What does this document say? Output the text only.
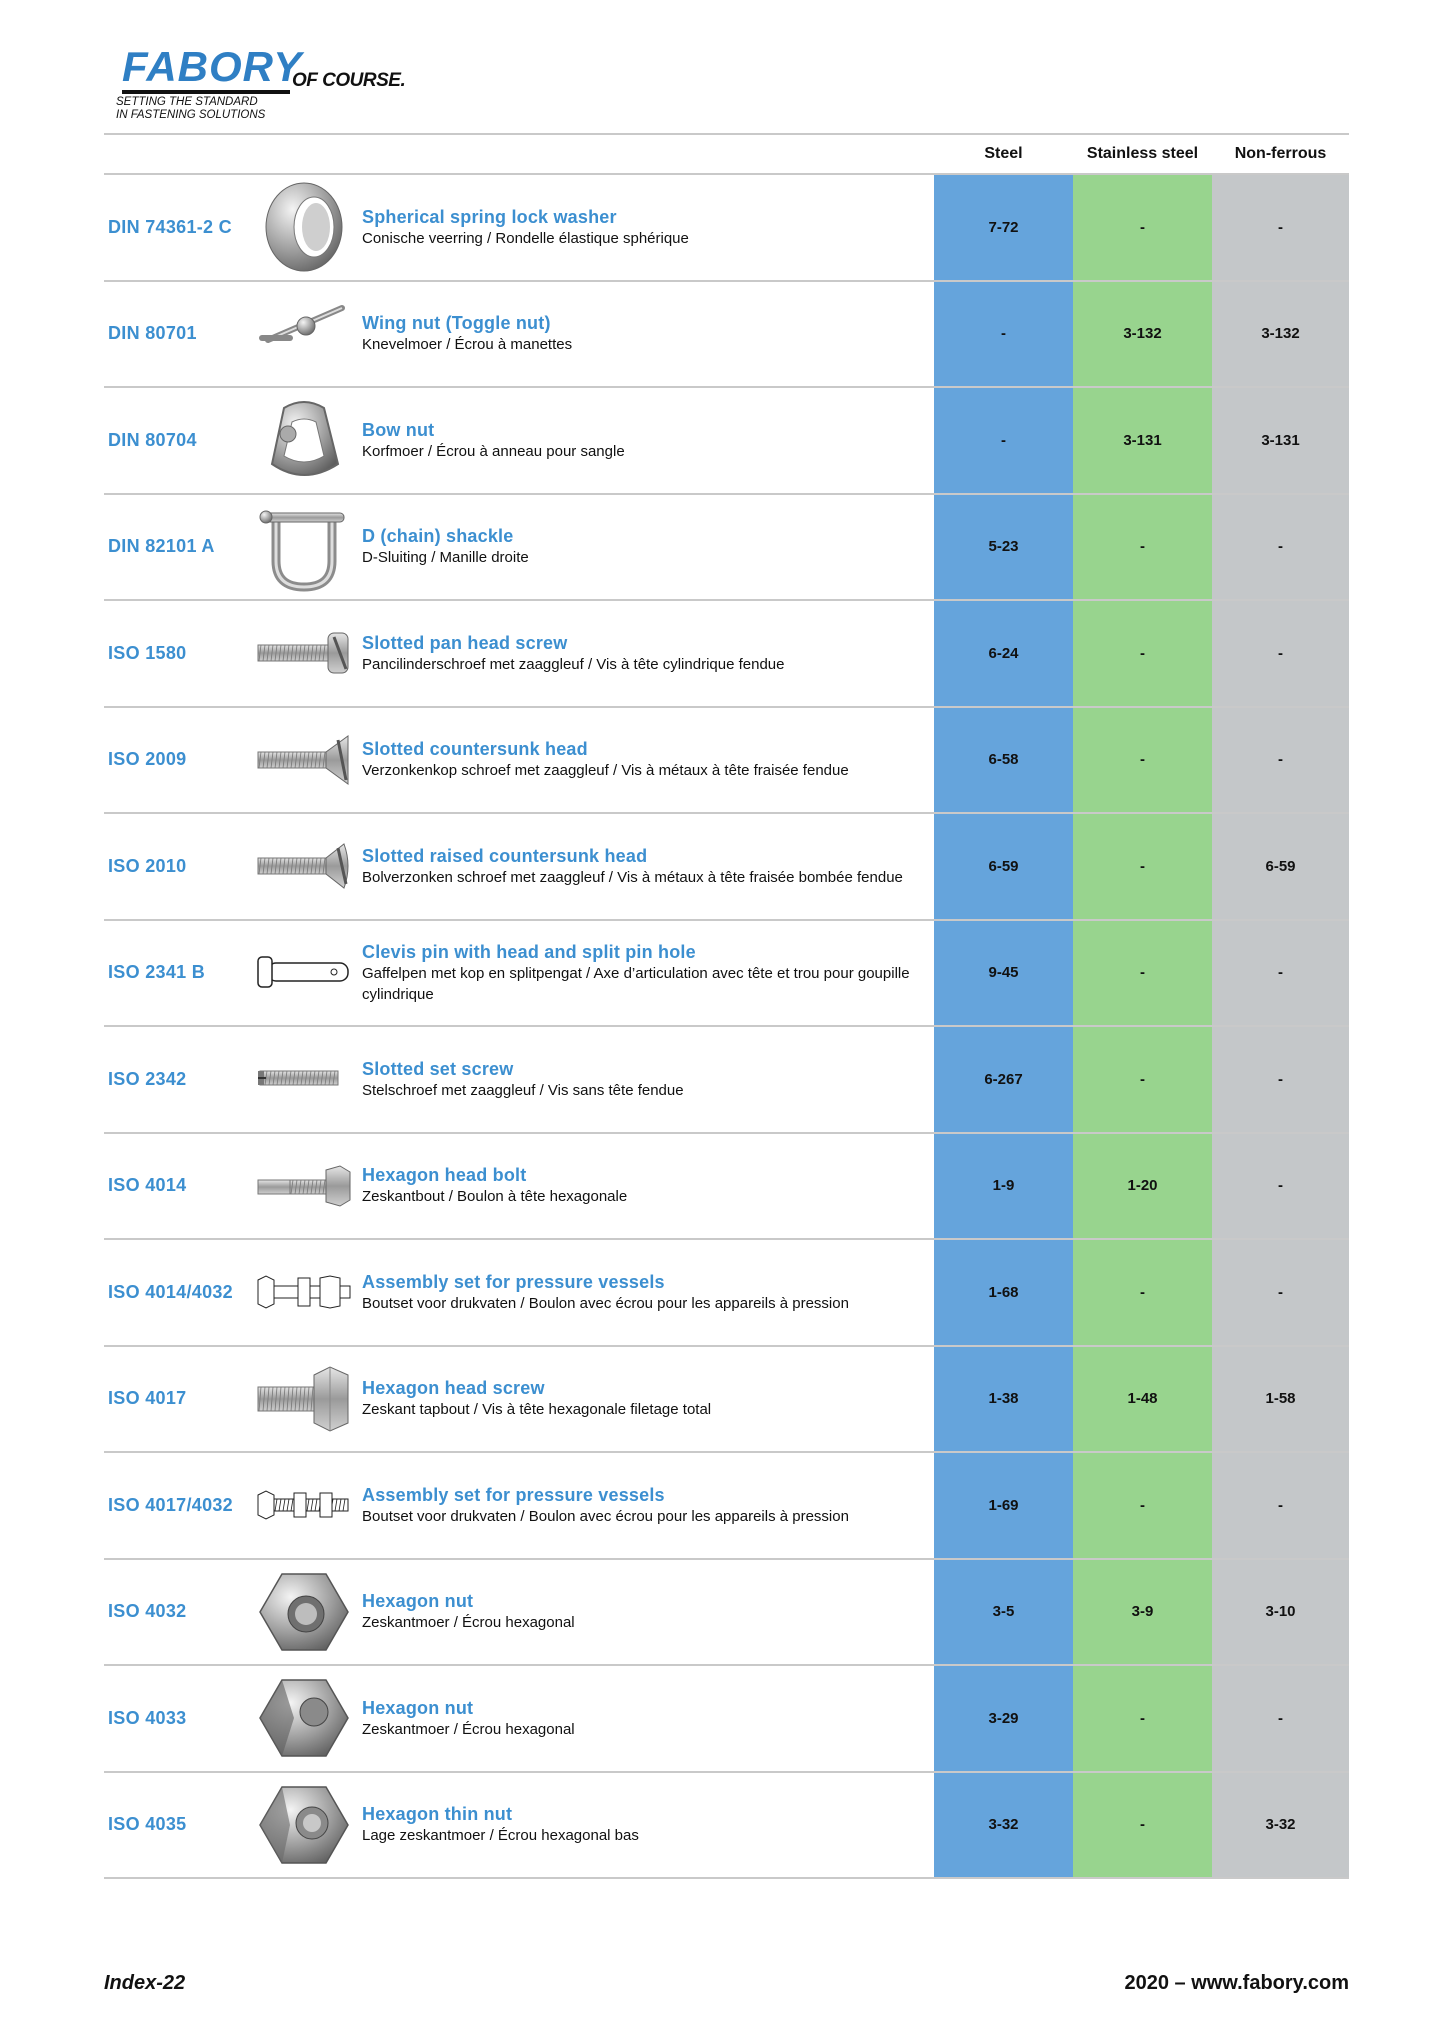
FABORY
OF COURSE.
SETTING THE STANDARD
IN FASTENING SOLUTIONS
Steel	Stainless steel	Non-ferrous
DIN 74361-2 C	Spherical spring lock washer
Conische veerring / Rondelle élastique sphérique
7-72	-	-
DIN 80701	Wing nut (Toggle nut)
Knevelmoer / Écrou à manettes
-	3-132	3-132
DIN 80704	Bow nut
Korfmoer / Écrou à anneau pour sangle
-	3-131	3-131
DIN 82101 A	D (chain) shackle
D-Sluiting / Manille droite
5-23	-	-
ISO 1580	Slotted pan head screw
Pancilinderschroef met zaaggleuf / Vis à tête cylindrique fendue
6-24	-	-
ISO 2009	Slotted countersunk head
Verzonkenkop schroef met zaaggleuf / Vis à métaux à tête fraisée fendue
6-58	-	-
ISO 2010	Slotted raised countersunk head
Bolverzonken schroef met zaaggleuf / Vis à métaux à tête fraisée bombée fendue
6-59	-	6-59
ISO 2341 B
Clevis pin with head and split pin hole
Gaffelpen met kop en splitpengat / Axe d’articulation avec tête et trou pour goupille cylindrique
9-45	-	-
ISO 2342	Slotted set screw
Stelschroef met zaaggleuf / Vis sans tête fendue
6-267	-	-
ISO 4014	Hexagon head bolt
Zeskantbout / Boulon à tête hexagonale
1-9	1-20	-
ISO 4014/4032	Assembly set for pressure vessels
Boutset voor drukvaten / Boulon avec écrou pour les appareils à pression
1-68	-	-
ISO 4017	Hexagon head screw
Zeskant tapbout / Vis à tête hexagonale filetage total
1-38	1-48	1-58
ISO 4017/4032	Assembly set for pressure vessels
Boutset voor drukvaten / Boulon avec écrou pour les appareils à pression
1-69	-	-
ISO 4032	Hexagon nut
Zeskantmoer / Écrou hexagonal
3-5	3-9	3-10
ISO 4033	Hexagon nut
Zeskantmoer / Écrou hexagonal
3-29	-	-
ISO 4035	Hexagon thin nut
Lage zeskantmoer / Écrou hexagonal bas
3-32	-	3-32
Index-22	2020 – www.fabory.com
